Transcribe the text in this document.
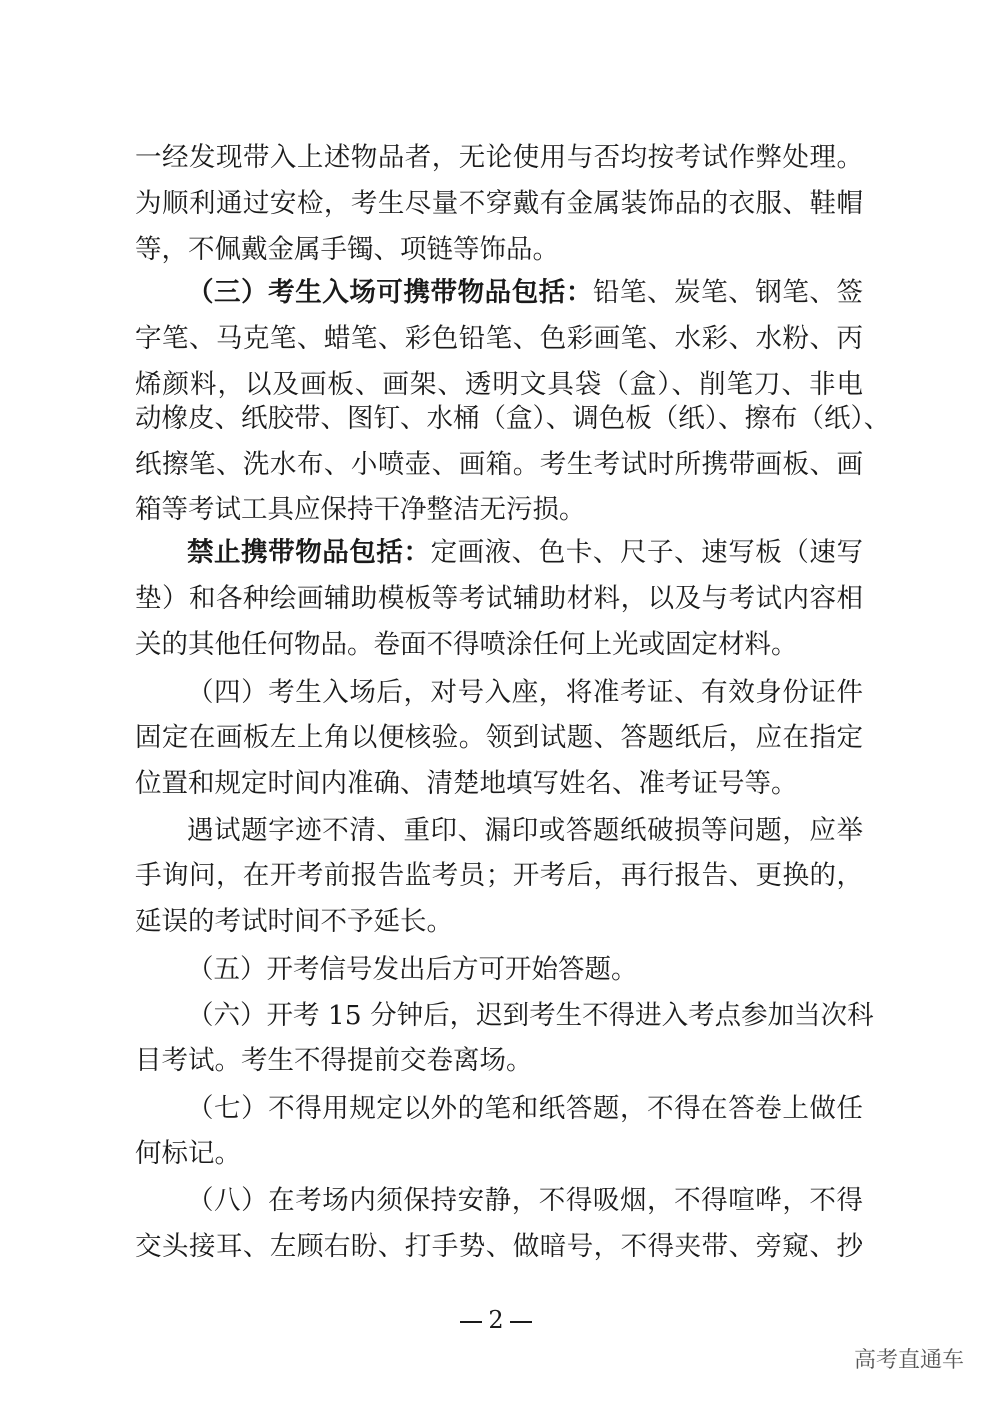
一经发现带入上述物品者，无论使用与否均按考试作弊处理。
为顺利通过安检，考生尽量不穿戴有金属装饰品的衣服、鞋帽
等，不佩戴金属手镯、项链等饰品。
（三）考生入场可携带物品包括：铅笔、炭笔、钢笔、签
字笔、马克笔、蜡笔、彩色铅笔、色彩画笔、水彩、水粉、丙
烯颜料，以及画板、画架、透明文具袋（盒）、削笔刀、非电
动橡皮、纸胶带、图钉、水桶（盒）、调色板（纸）、擦布（纸）、
纸擦笔、洗水布、小喷壶、画箱。考生考试时所携带画板、画
箱等考试工具应保持干净整洁无污损。
禁止携带物品包括：定画液、色卡、尺子、速写板（速写
垫）和各种绘画辅助模板等考试辅助材料，以及与考试内容相
关的其他任何物品。卷面不得喷涂任何上光或固定材料。
（四）考生入场后，对号入座，将准考证、有效身份证件
固定在画板左上角以便核验。领到试题、答题纸后，应在指定
位置和规定时间内准确、清楚地填写姓名、准考证号等。
遇试题字迹不清、重印、漏印或答题纸破损等问题，应举
手询问，在开考前报告监考员；开考后，再行报告、更换的，
延误的考试时间不予延长。
（五）开考信号发出后方可开始答题。
（六）开考 15 分钟后，迟到考生不得进入考点参加当次科
目考试。考生不得提前交卷离场。
（七）不得用规定以外的笔和纸答题，不得在答卷上做任
何标记。
（八）在考场内须保持安静，不得吸烟，不得喧哗，不得
交头接耳、左顾右盼、打手势、做暗号，不得夹带、旁窥、抄
2
高考直通车
